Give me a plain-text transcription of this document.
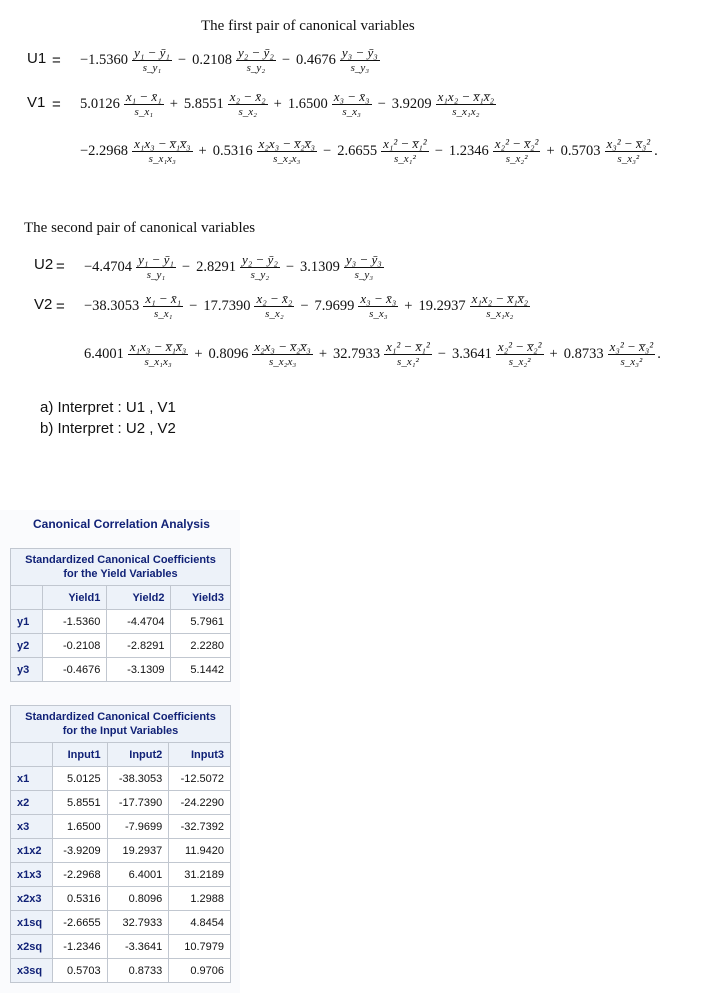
The first pair of canonical variables
$U1 = -1.5360 \frac{\text{y₁ − ȳ₁}}{\text{s\_y₁}} - 0.2108 \frac{\text{y₂ − ȳ₂}}{\text{s\_y₂}} - 0.4676 \frac{\text{y₃ − ȳ₃}}{\text{s\_y₃}}$
$V1 = 5.0126 \frac{\text{x₁ − x̄₁}}{\text{s\_x₁}} + 5.8551 \frac{\text{x₂ − x̄₂}}{\text{s\_x₂}} + 1.6500 \frac{\text{x₃ − x̄₃}}{\text{s\_x₃}} - 3.9209 \frac{\text{x₁x₂ − x̅₁x̅₂}}{\text{s\_x₁x₂}}$
$-2.2968 \frac{\text{x₁x₃ − x̅₁x̅₃}}{\text{s\_x₁x₃}} + 0.5316 \frac{\text{x₂x₃ − x̅₂x̅₃}}{\text{s\_x₂x₃}} - 2.6655 \frac{\text{x₁² − x̅₁²}}{\text{s\_x₁²}} - 1.2346 \frac{\text{x₂² − x̅₂²}}{\text{s\_x₂²}} + 0.5703 \frac{\text{x₃² − x̅₃²}}{\text{s\_x₃²}}$ .
The second pair of canonical variables
$U2 = -4.4704 \frac{\text{y₁ − ȳ₁}}{\text{s\_y₁}} - 2.8291 \frac{\text{y₂ − ȳ₂}}{\text{s\_y₂}} - 3.1309 \frac{\text{y₃ − ȳ₃}}{\text{s\_y₃}}$
$V2 = -38.3053 \frac{\text{x₁ − x̄₁}}{\text{s\_x₁}} - 17.7390 \frac{\text{x₂ − x̄₂}}{\text{s\_x₂}} - 7.9699 \frac{\text{x₃ − x̄₃}}{\text{s\_x₃}} + 19.2937 \frac{\text{x₁x₂ − x̅₁x̅₂}}{\text{s\_x₁x₂}}$
$6.4001 \frac{\text{x₁x₃ − x̅₁x̅₃}}{\text{s\_x₁x₃}} + 0.8096 \frac{\text{x₂x₃ − x̅₂x̅₃}}{\text{s\_x₂x₃}} + 32.7933 \frac{\text{x₁² − x̅₁²}}{\text{s\_x₁²}} - 3.3641 \frac{\text{x₂² − x̅₂²}}{\text{s\_x₂²}} + 0.8733 \frac{\text{x₃² − x̅₃²}}{\text{s\_x₃²}}$ .
a) Interpret : U1 , V1
b) Interpret : U2 , V2
Canonical Correlation Analysis
Standardized Canonical Coefficients
for the Yield Variables			
	Yield1	Yield2	Yield3
y1	-1.5360	-4.4704	5.7961
y2	-0.2108	-2.8291	2.2280
y3	-0.4676	-3.1309	5.1442
Standardized Canonical Coefficients
for the Input Variables			
	Input1	Input2	Input3
x1	5.0125	-38.3053	-12.5072
x2	5.8551	-17.7390	-24.2290
x3	1.6500	-7.9699	-32.7392
x1x2	-3.9209	19.2937	11.9420
x1x3	-2.2968	6.4001	31.2189
x2x3	0.5316	0.8096	1.2988
x1sq	-2.6655	32.7933	4.8454
x2sq	-1.2346	-3.3641	10.7979
x3sq	0.5703	0.8733	0.9706
